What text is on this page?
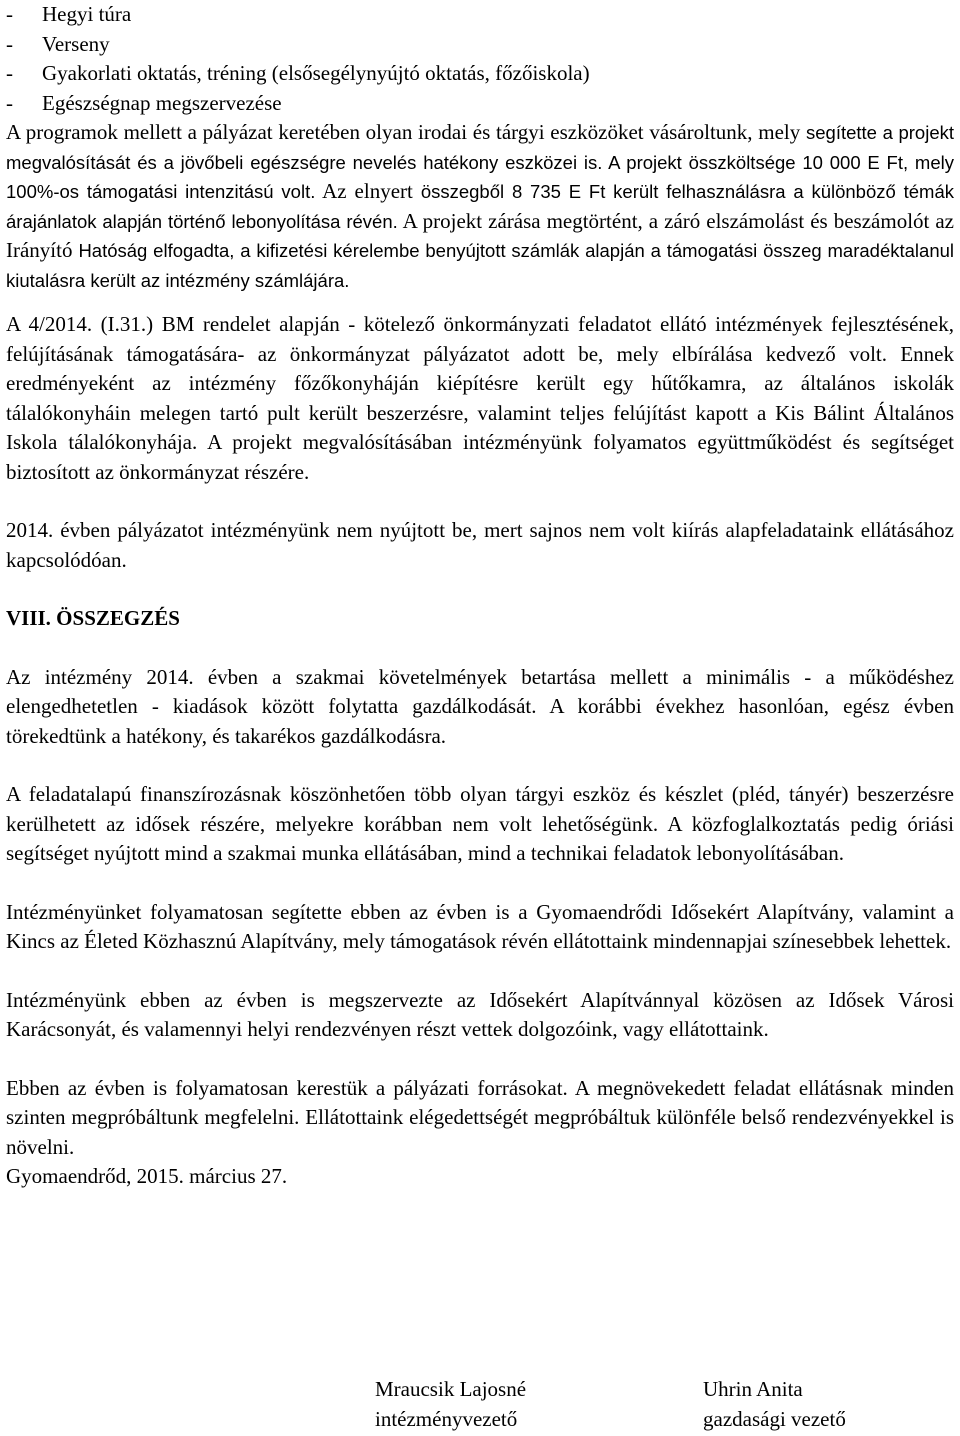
-	Hegyi túra
-	Verseny
-	Gyakorlati oktatás, tréning (elsősegélynyújtó oktatás, főzőiskola)
-	Egészségnap megszervezése

A programok mellett a pályázat keretében olyan irodai és tárgyi eszközöket vásároltunk, mely segítette a projekt megvalósítását és a jövőbeli egészségre nevelés hatékony eszközei is. A projekt összköltsége 10 000 E Ft, mely 100%-os támogatási intenzitású volt. Az elnyert összegből 8 735 E Ft került felhasználásra a különböző témák árajánlatok alapján történő lebonyolítása révén. A projekt zárása megtörtént, a záró elszámolást és beszámolót az Irányító Hatóság elfogadta, a kifizetési kérelembe benyújtott számlák alapján a támogatási összeg maradéktalanul kiutalásra került az intézmény számlájára.

A 4/2014. (I.31.) BM rendelet alapján - kötelező önkormányzati feladatot ellátó intézmények fejlesztésének, felújításának támogatására- az önkormányzat pályázatot adott be, mely elbírálása kedvező volt. Ennek eredményeként az intézmény főzőkonyháján kiépítésre került egy hűtőkamra, az általános iskolák tálalókonyháin melegen tartó pult került beszerzésre, valamint teljes felújítást kapott a Kis Bálint Általános Iskola tálalókonyhája. A projekt megvalósításában intézményünk folyamatos együttműködést és segítséget biztosított az önkormányzat részére.

2014. évben pályázatot intézményünk nem nyújtott be, mert sajnos nem volt kiírás alapfeladataink ellátásához kapcsolódóan.

VIII. ÖSSZEGZÉS

Az intézmény 2014. évben a szakmai követelmények betartása mellett a minimális - a működéshez elengedhetetlen - kiadások között folytatta gazdálkodását. A korábbi évekhez hasonlóan, egész évben törekedtünk a hatékony, és takarékos gazdálkodásra.

A feladatalapú finanszírozásnak köszönhetően több olyan tárgyi eszköz és készlet (pléd, tányér) beszerzésre kerülhetett az idősek részére, melyekre korábban nem volt lehetőségünk. A közfoglalkoztatás pedig óriási segítséget nyújtott mind a szakmai munka ellátásában, mind a technikai feladatok lebonyolításában.

Intézményünket folyamatosan segítette ebben az évben is a Gyomaendrődi Idősekért Alapítvány, valamint a Kincs az Életed Közhasznú Alapítvány, mely támogatások révén ellátottaink mindennapjai színesebbek lehettek.

Intézményünk ebben az évben is megszervezte az Idősekért Alapítvánnyal közösen az Idősek Városi Karácsonyát, és valamennyi helyi rendezvényen részt vettek dolgozóink, vagy ellátottaink.

Ebben az évben is folyamatosan kerestük a pályázati forrásokat. A megnövekedett feladat ellátásnak minden szinten megpróbáltunk megfelelni. Ellátottaink elégedettségét megpróbáltuk különféle belső rendezvényekkel is növelni.

Gyomaendrőd, 2015. március 27.

Mraucsik Lajosné
intézményvezető
Uhrin Anita
gazdasági vezető
